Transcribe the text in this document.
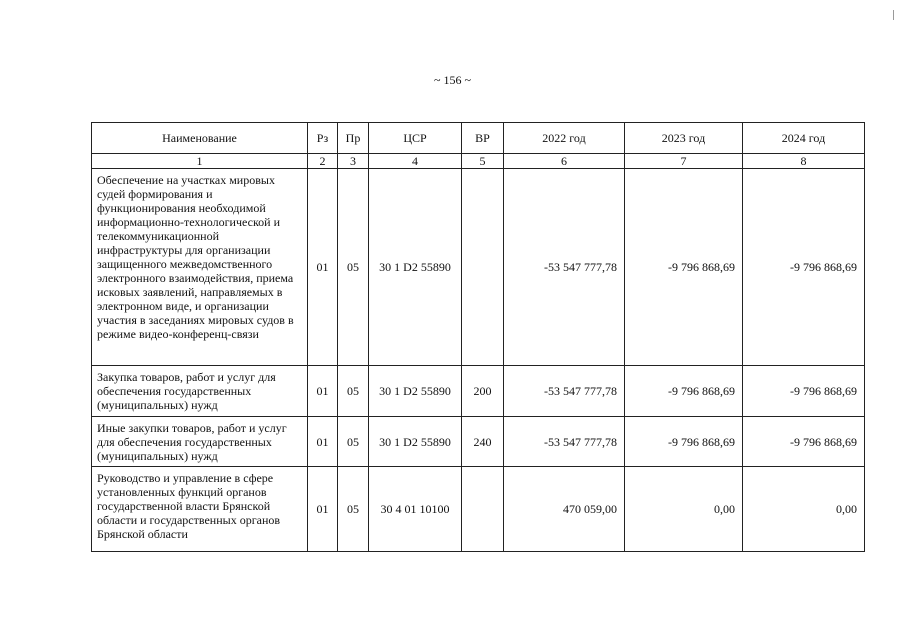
~ 156 ~
Наименование	Рз	Пр	ЦСР	ВР	2022 год	2023 год	2024 год
1	2	3	4	5	6	7	8
Обеспечение на участках мировых судей формирования и функционирования необходимой информационно-технологической и телекоммуникационной инфраструктуры для организации защищенного межведомственного электронного взаимодействия, приема исковых заявлений, направляемых в электронном виде, и организации участия в заседаниях мировых судов в режиме видео-конференц-связи	01	05	30 1 D2 55890		-53 547 777,78	-9 796 868,69	-9 796 868,69
Закупка товаров, работ и услуг для обеспечения государственных (муниципальных) нужд	01	05	30 1 D2 55890	200	-53 547 777,78	-9 796 868,69	-9 796 868,69
Иные закупки товаров, работ и услуг для обеспечения государственных (муниципальных) нужд	01	05	30 1 D2 55890	240	-53 547 777,78	-9 796 868,69	-9 796 868,69
Руководство и управление в сфере установленных функций органов государственной власти Брянской области и государственных органов Брянской области	01	05	30 4 01 10100		470 059,00	0,00	0,00
